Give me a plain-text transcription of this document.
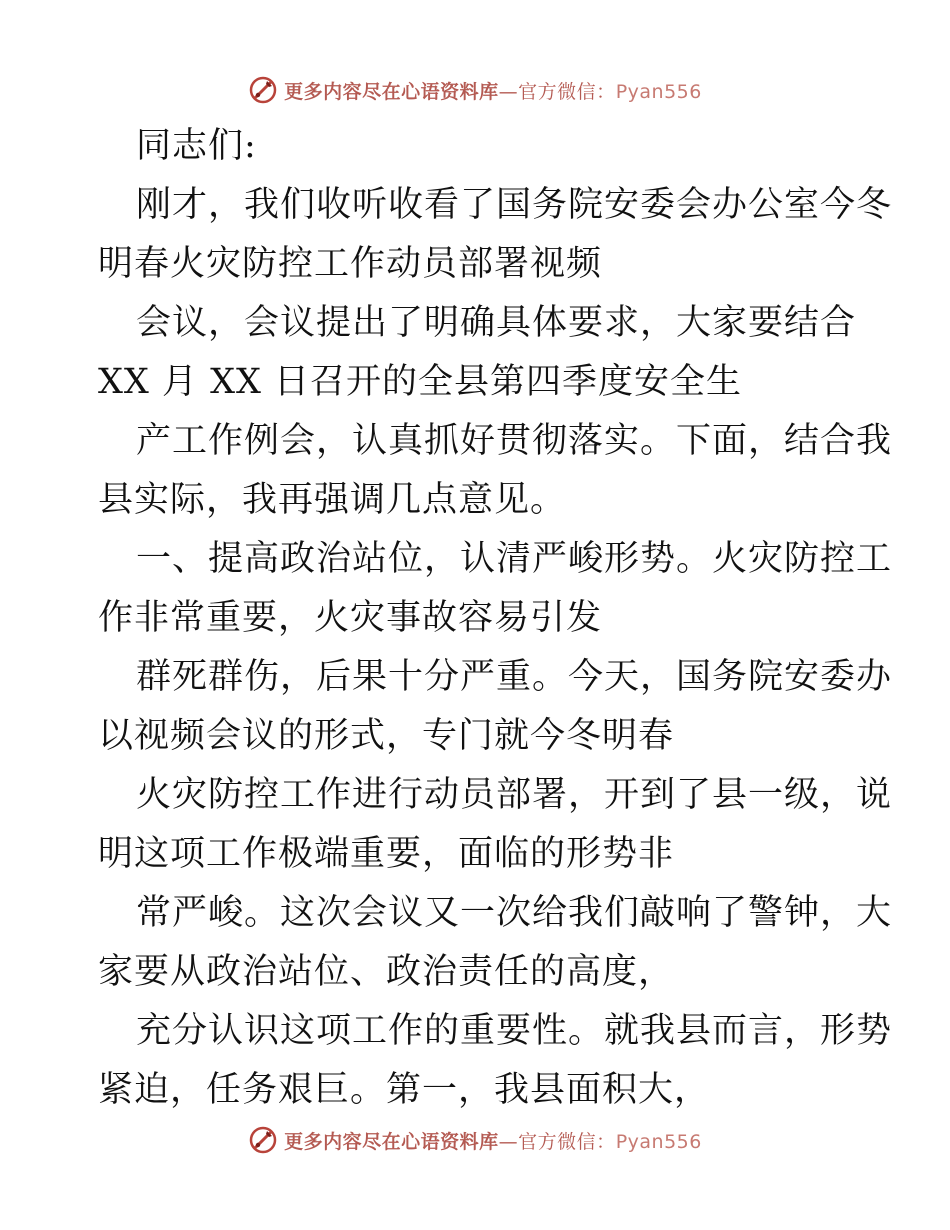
更多内容尽在心语资料库—官方微信：Pyan556
同志们:
刚才，我们收听收看了国务院安委会办公室今冬
明春火灾防控工作动员部署视频
会议，会议提出了明确具体要求，大家要结合
XX 月 XX 日召开的全县第四季度安全生
产工作例会，认真抓好贯彻落实。下面，结合我
县实际，我再强调几点意见。
一、提高政治站位，认清严峻形势。火灾防控工
作非常重要，火灾事故容易引发
群死群伤，后果十分严重。今天，国务院安委办
以视频会议的形式，专门就今冬明春
火灾防控工作进行动员部署，开到了县一级，说
明这项工作极端重要，面临的形势非
常严峻。这次会议又一次给我们敲响了警钟，大
家要从政治站位、政治责任的高度，
充分认识这项工作的重要性。就我县而言，形势
紧迫，任务艰巨。第一，我县面积大，
更多内容尽在心语资料库—官方微信：Pyan556
